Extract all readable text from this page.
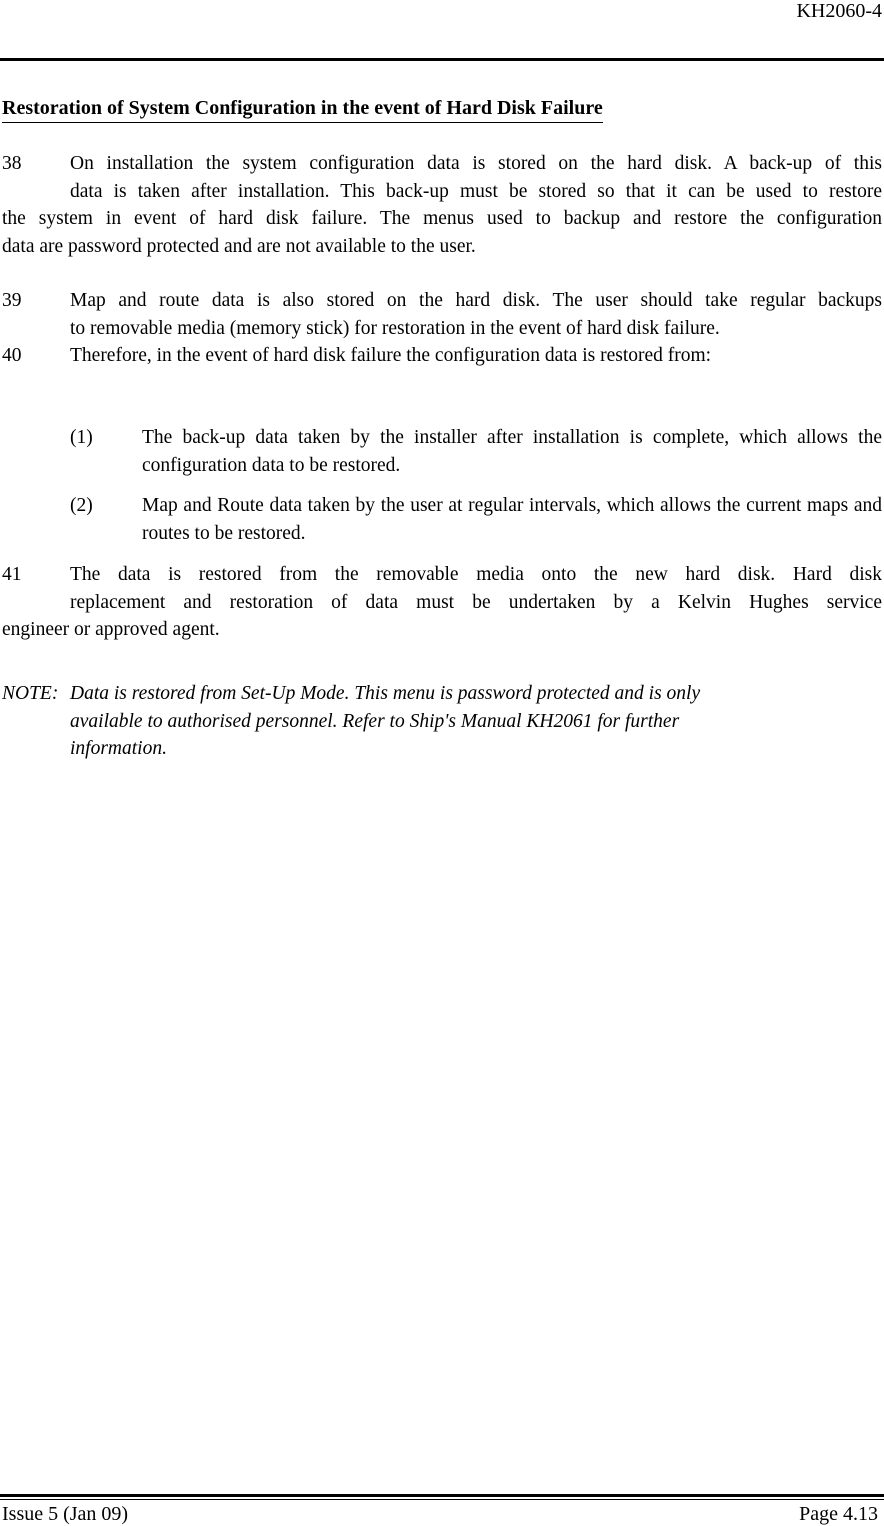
KH2060-4
Restoration of System Configuration in the event of Hard Disk Failure
38 On installation the system configuration data is stored on the hard disk. A back-up of this
data is taken after installation. This back-up must be stored so that it can be used to restore
the system in event of hard disk failure. The menus used to backup and restore the configuration
data are password protected and are not available to the user.
39 Map and route data is also stored on the hard disk. The user should take regular backups
to removable media (memory stick) for restoration in the event of hard disk failure.
40 Therefore, in the event of hard disk failure the configuration data is restored from:
(1)	The back-up data taken by the installer after installation is complete, which allows the configuration data to be restored.
(2)	Map and Route data taken by the user at regular intervals, which allows the current maps and routes to be restored.
41 The data is restored from the removable media onto the new hard disk. Hard disk
replacement and restoration of data must be undertaken by a Kelvin Hughes service
engineer or approved agent.
NOTE: Data is restored from Set-Up Mode. This menu is password protected and is only
available to authorised personnel. Refer to Ship's Manual KH2061 for further
information.
Issue 5 (Jan 09)	Page 4.13
